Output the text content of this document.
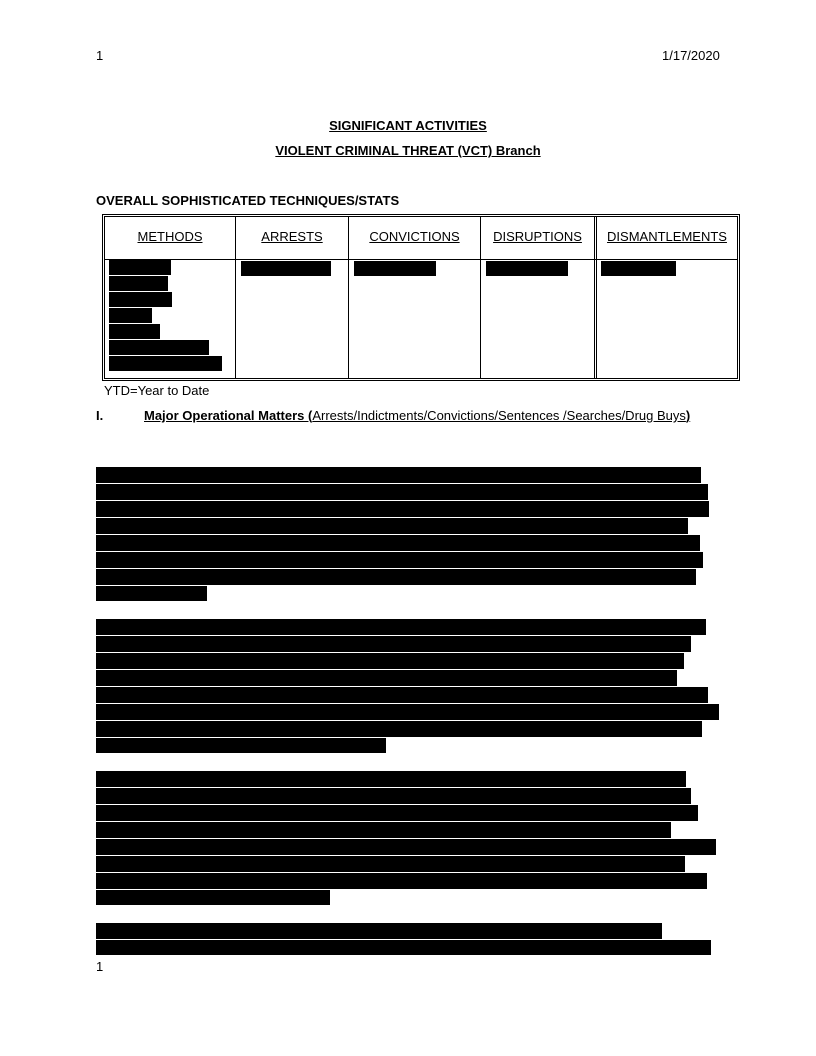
1	1/17/2020
SIGNIFICANT ACTIVITIES
VIOLENT CRIMINAL THREAT (VCT) Branch
OVERALL SOPHISTICATED TECHNIQUES/STATS
METHODS	ARRESTS	CONVICTIONS	DISRUPTIONS	DISMANTLEMENTS
YTD=Year to Date
I.	Major Operational Matters (Arrests/Indictments/Convictions/Sentences /Searches/Drug Buys)
1
